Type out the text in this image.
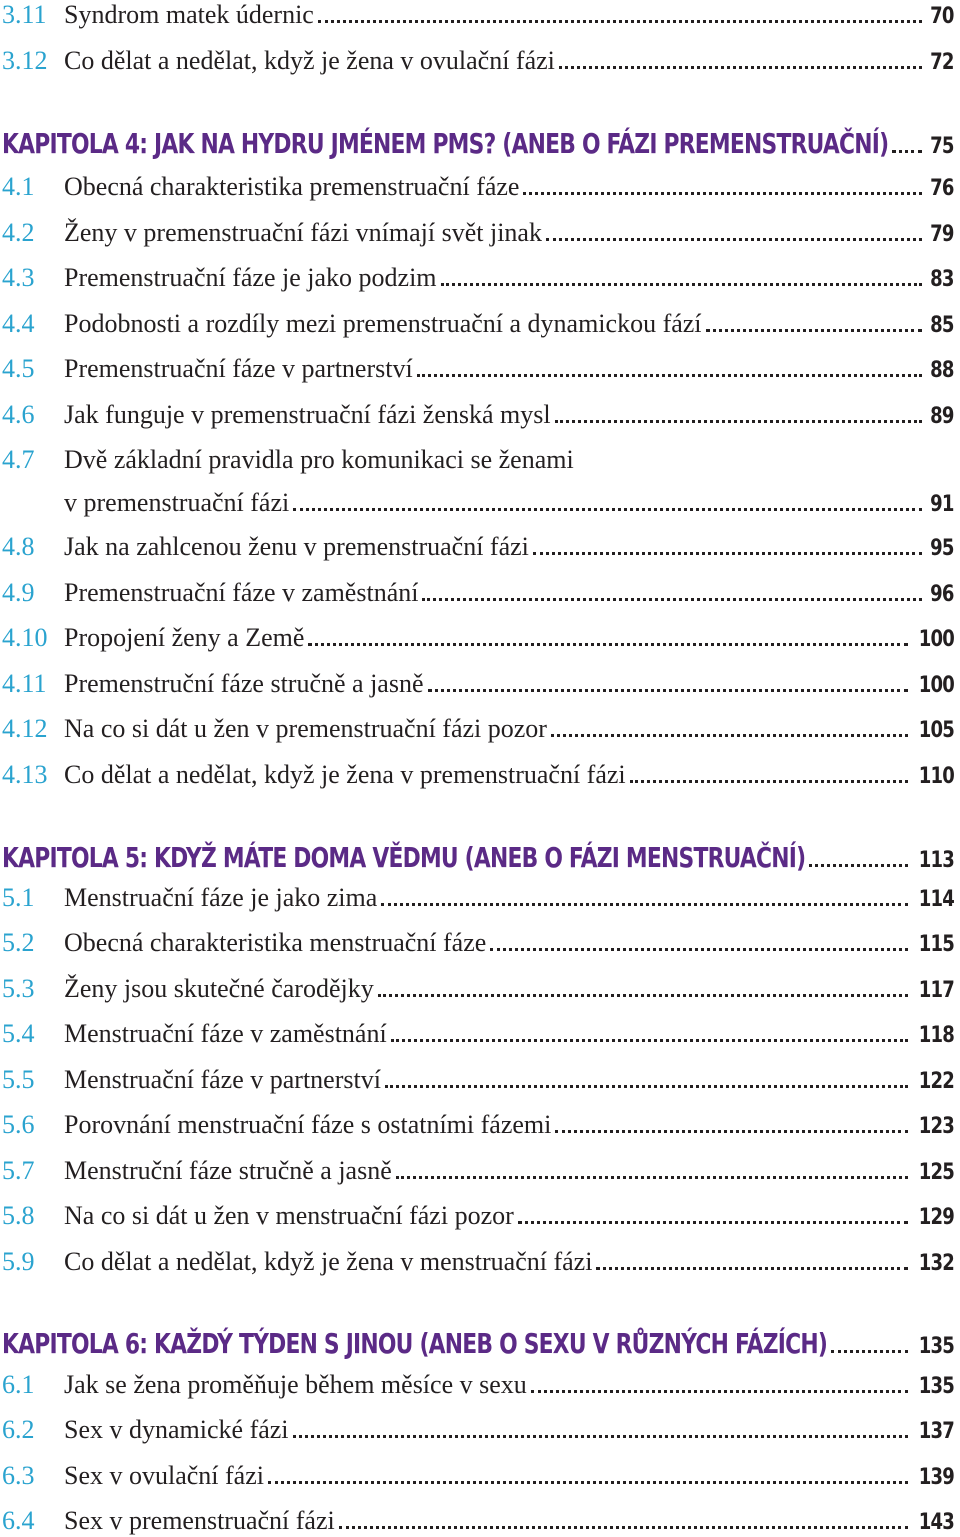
3.11 Syndrom matek údernic	70
3.12 Co dělat a nedělat, když je žena v ovulační fázi	72
KAPITOLA 4: JAK NA HYDRU JMÉNEM PMS? (ANEB O FÁZI PREMENSTRUAČNÍ) 75
4.1	Obecná charakteristika premenstruační fáze	76
4.2	Ženy v premenstruační fázi vnímají svět jinak	79
4.3	Premenstruační fáze je jako podzim	83
4.4	Podobnosti a rozdíly mezi premenstruační a dynamickou fází	85
4.5	Premenstruační fáze v partnerství	88
4.6	Jak funguje v premenstruační fázi ženská mysl	89
4.7	Dvě základní pravidla pro komunikaci se ženami
v premenstruační fázi	91
4.8	Jak na zahlcenou ženu v premenstruační fázi	95
4.9	Premenstruační fáze v zaměstnání	96
4.10 Propojení ženy a Země	100
4.11 Premenstruční fáze stručně a jasně	100
4.12 Na co si dát u žen v premenstruační fázi pozor	105
4.13 Co dělat a nedělat, když je žena v premenstruační fázi	110
KAPITOLA 5: KDYŽ MÁTE DOMA VĚDMU (ANEB O FÁZI MENSTRUAČNÍ)	113
5.1	Menstruační fáze je jako zima	114
5.2	Obecná charakteristika menstruační fáze	115
5.3	Ženy jsou skutečné čarodějky	117
5.4	Menstruační fáze v zaměstnání	118
5.5	Menstruační fáze v partnerství	122
5.6	Porovnání menstruační fáze s ostatními fázemi	123
5.7	Menstruční fáze stručně a jasně	125
5.8	Na co si dát u žen v menstruační fázi pozor	129
5.9	Co dělat a nedělat, když je žena v menstruační fázi	132
KAPITOLA 6: KAŽDÝ TÝDEN S JINOU (ANEB O SEXU V RŮZNÝCH FÁZÍCH)	135
6.1	Jak se žena proměňuje během měsíce v sexu	135
6.2	Sex v dynamické fázi	137
6.3	Sex v ovulační fázi	139
6.4	Sex v premenstruační fázi	143
